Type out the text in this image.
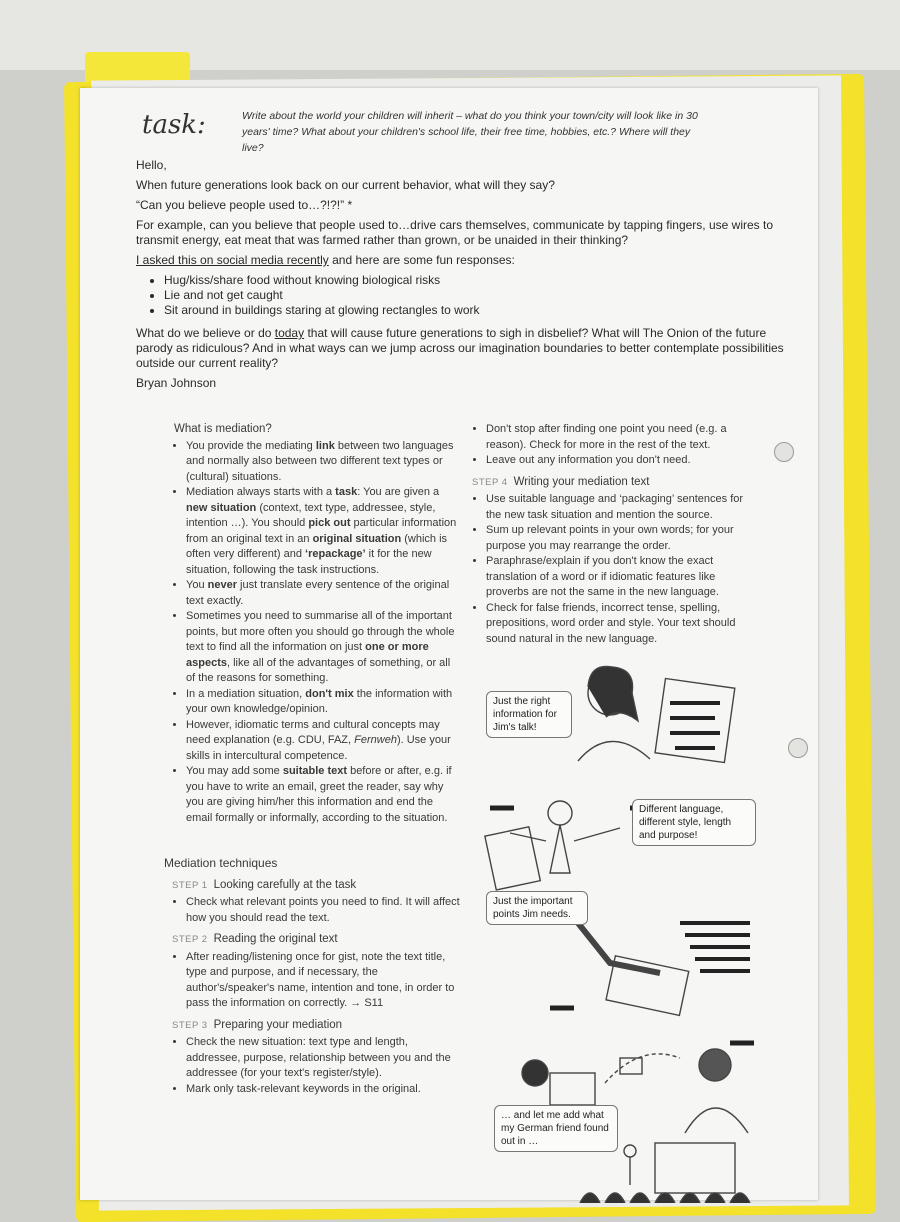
task:	Write about the world your children will inherit – what do you think your town/city will look like in 30 years' time? What about your children's school life, their free time, hobbies, etc.? Where will they live?

Hello,

When future generations look back on our current behavior, what will they say?

“Can you believe people used to…?!?!” *

For example, can you believe that people used to…drive cars themselves, communicate by tapping fingers, use wires to transmit energy, eat meat that was farmed rather than grown, or be unaided in their thinking?

I asked this on social media recently and here are some fun responses:

• Hug/kiss/share food without knowing biological risks
• Lie and not get caught
• Sit around in buildings staring at glowing rectangles to work

What do we believe or do today that will cause future generations to sigh in disbelief? What will The Onion of the future parody as ridiculous? And in what ways can we jump across our imagination boundaries to better contemplate possibilities outside our current reality?

Bryan Johnson

What is mediation?
• You provide the mediating link between two languages and normally also between two different text types or (cultural) situations.
• Mediation always starts with a task: You are given a new situation (context, text type, addressee, style, intention …). You should pick out particular information from an original text in an original situation (which is often very different) and ‘repackage’ it for the new situation, following the task instructions.
• You never just translate every sentence of the original text exactly.
• Sometimes you need to summarise all of the important points, but more often you should go through the whole text to find all the information on just one or more aspects, like all of the advantages of something, or all of the reasons for something.
• In a mediation situation, don't mix the information with your own knowledge/opinion.
• However, idiomatic terms and cultural concepts may need explanation (e.g. CDU, FAZ, Fernweh). Use your skills in intercultural competence.
• You may add some suitable text before or after, e.g. if you have to write an email, greet the reader, say why you are giving him/her this information and end the email formally or informally, according to the situation.
Mediation techniques
STEP 1 Looking carefully at the task
• Check what relevant points you need to find. It will affect how you should read the text.
STEP 2 Reading the original text
• After reading/listening once for gist, note the text title, type and purpose, and if necessary, the author's/speaker's name, intention and tone, in order to pass the information on correctly. → S11
STEP 3 Preparing your mediation
• Check the new situation: text type and length, addressee, purpose, relationship between you and the addressee (for your text's register/style).
• Mark only task-relevant keywords in the original.
• Don't stop after finding one point you need (e.g. a reason). Check for more in the rest of the text.
• Leave out any information you don't need.
STEP 4 Writing your mediation text
• Use suitable language and ‘packaging’ sentences for the new task situation and mention the source.
• Sum up relevant points in your own words; for your purpose you may rearrange the order.
• Paraphrase/explain if you don't know the exact translation of a word or if idiomatic features like proverbs are not the same in the new language.
• Check for false friends, incorrect tense, spelling, prepositions, word order and style. Your text should sound natural in the new language.
Just the right information for Jim's talk!
Different language, different style, length and purpose!
Just the important points Jim needs.
… and let me add what my German friend found out in …
